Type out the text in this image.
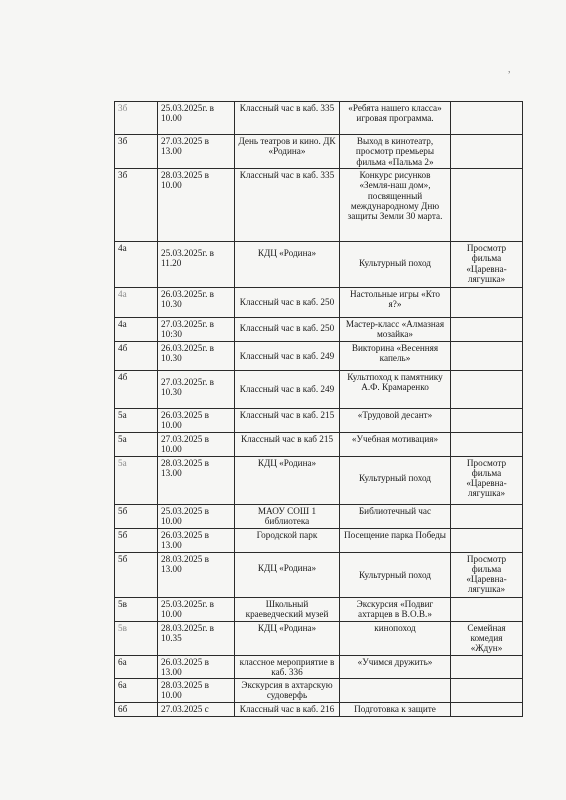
,
3б	25.03.2025г. в 10.00	Классный час в каб. 335	«Ребята нашего класса» игровая программа.	
3б	27.03.2025 в 13.00	День театров и кино. ДК «Родина»	Выход в кинотеатр, просмотр премьеры фильма «Пальма 2»	
3б	28.03.2025 в 10.00	Классный час в каб. 335	Конкурс рисунков «Земля-наш дом», посвященный международному Дню защиты Земли 30 марта.	
4а	25.03.2025г. в 11.20	КДЦ «Родина»	Культурный поход	Просмотр фильма «Царевна-лягушка»
4а	26.03.2025г. в 10.30	Классный час в каб. 250	Настольные игры «Кто я?»	
4а	27.03.2025г. в 10:30	Классный час в каб. 250	Мастер-класс «Алмазная мозайка»	
4б	26.03.2025г. в 10.30	Классный час в каб. 249	Викторина «Весенняя капель»	
4б	27.03.2025г. в 10.30	Классный час в каб. 249	Культпоход к памятнику А.Ф. Крамаренко	
5а	26.03.2025 в 10.00	Классный час в каб. 215	«Трудовой десант»	
5а	27.03.2025 в 10.00	Классный час в каб 215	«Учебная мотивация»	
5а	28.03.2025 в 13.00	КДЦ «Родина»	Культурный поход	Просмотр фильма «Царевна-лягушка»
5б	25.03.2025 в 10.00	МАОУ СОШ 1 библиотека	Библиотечный час	
5б	26.03.2025 в 13.00	Городской парк	Посещение парка Победы	
5б	28.03.2025 в 13.00	КДЦ «Родина»	Культурный поход	Просмотр фильма «Царевна-лягушка»
5в	25.03.2025г. в 10.00	Школьный краеведческий музей	Экскурсия «Подвиг ахтарцев в В.О.В.»	
5в	28.03.2025г. в 10.35	КДЦ «Родина»	кинопоход	Семейная комедия «Ждун»
6а	26.03.2025 в 13.00	классное мероприятие в каб. 336	«Учимся дружить»	
6а	28.03.2025 в 10.00	Экскурсия в ахтарскую судоверфь		
6б	27.03.2025 с	Классный час в каб. 216	Подготовка к защите	
